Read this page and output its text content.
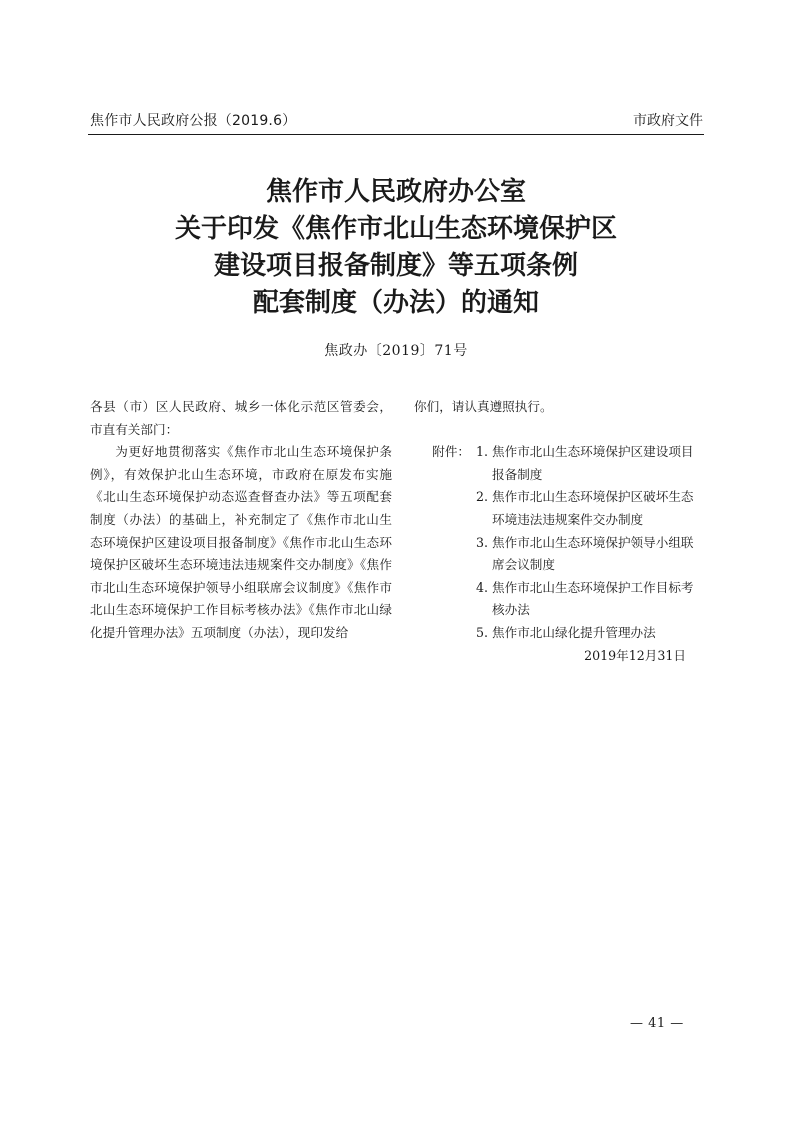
焦作市人民政府公报（2019.6）	市政府文件
焦作市人民政府办公室
关于印发《焦作市北山生态环境保护区
建设项目报备制度》等五项条例
配套制度（办法）的通知
焦政办〔2019〕71号

各县（市）区人民政府、城乡一体化示范区管委会，市直有关部门：

为更好地贯彻落实《焦作市北山生态环境保护条例》，有效保护北山生态环境，市政府在原发布实施《北山生态环境保护动态巡查督查办法》等五项配套制度（办法）的基础上，补充制定了《焦作市北山生态环境保护区建设项目报备制度》《焦作市北山生态环境保护区破坏生态环境违法违规案件交办制度》《焦作市北山生态环境保护领导小组联席会议制度》《焦作市北山生态环境保护工作目标考核办法》《焦作市北山绿化提升管理办法》五项制度（办法），现印发给

你们，请认真遵照执行。

附件： 1. 焦作市北山生态环境保护区建设项目报备制度
2. 焦作市北山生态环境保护区破坏生态环境违法违规案件交办制度
3. 焦作市北山生态环境保护领导小组联席会议制度
4. 焦作市北山生态环境保护工作目标考核办法
5. 焦作市北山绿化提升管理办法
2019年12月31日
— 41 —
